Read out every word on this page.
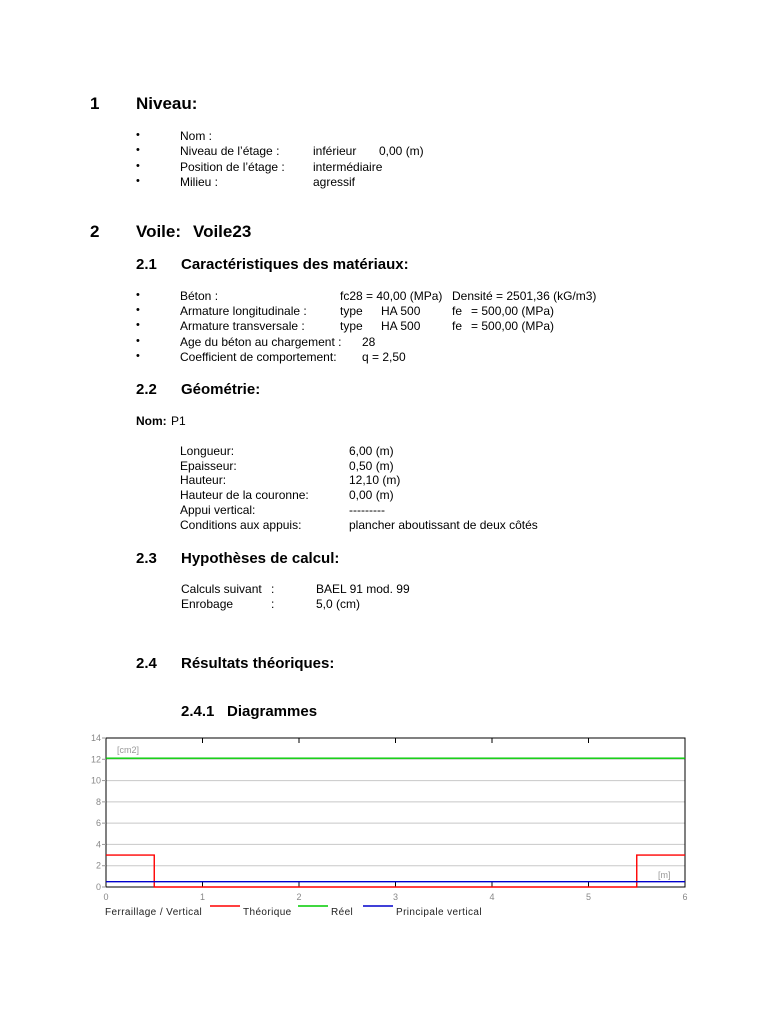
1 Niveau:
•	Nom :
•	Niveau de l’étage :	inférieur 0,00 (m)
•	Position de l’étage : intermédiaire
•	Milieu :	agressif
2 Voile: Voile23
2.1 Caractéristiques des matériaux:
•	Béton :	fc28 = 40,00 (MPa) Densité = 2501,36 (kG/m3)
•	Armature longitudinale :	type HA 500	fe = 500,00 (MPa)
•	Armature transversale :	type HA 500	fe = 500,00 (MPa)
•	Age du béton au chargement : 28
•	Coefficient de comportement: q = 2,50
2.2 Géométrie:
Nom: P1
Longueur:	6,00 (m)
Epaisseur:	0,50 (m)
Hauteur:	12,10 (m)
Hauteur de la couronne:	0,00 (m)
Appui vertical:	---------
Conditions aux appuis:	plancher aboutissant de deux côtés
2.3 Hypothèses de calcul:
Calculs suivant :	BAEL 91 mod. 99
Enrobage	:	5,0 (cm)
2.4 Résultats théoriques:
2.4.1 Diagrammes
0	1	2	3	4	5	6
0
2
4
6
8
10
12
14
[cm2]
[m]
Ferraillage / Vertical	Théorique	Réel	Principale vertical
